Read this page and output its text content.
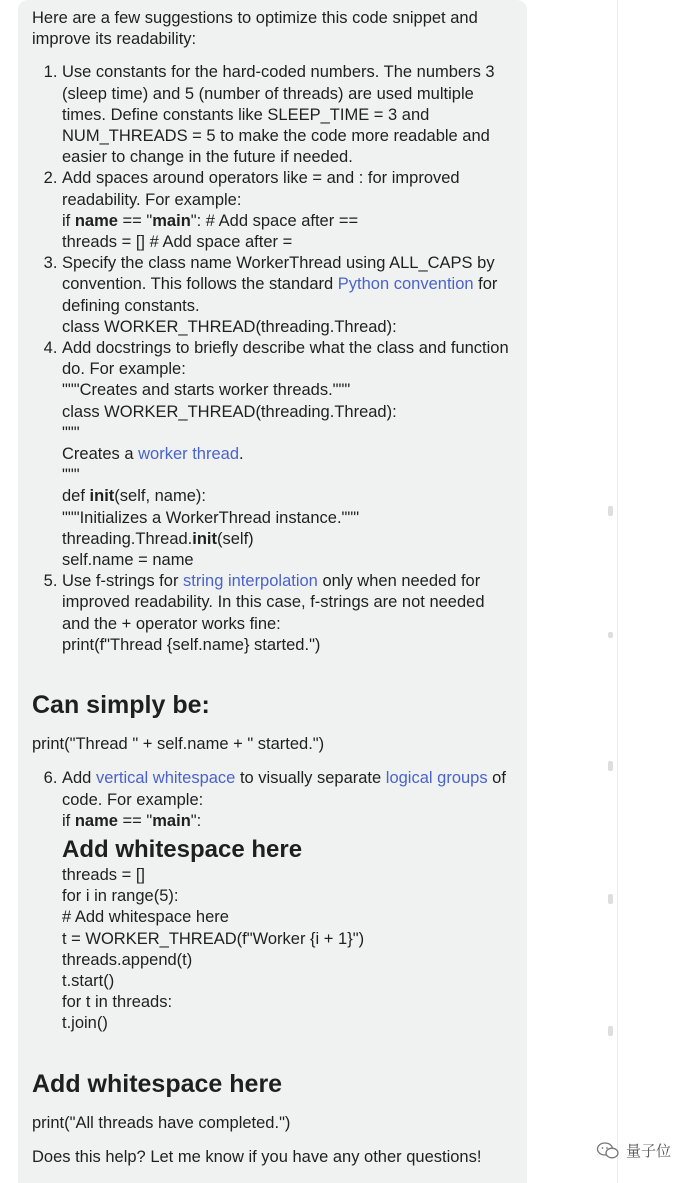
Here are a few suggestions to optimize this code snippet and improve its readability:

1. Use constants for the hard-coded numbers. The numbers 3 (sleep time) and 5 (number of threads) are used multiple times. Define constants like SLEEP_TIME = 3 and NUM_THREADS = 5 to make the code more readable and easier to change in the future if needed.
2. Add spaces around operators like = and : for improved readability. For example:
if name == "main": # Add space after ==
threads = [] # Add space after =
3. Specify the class name WorkerThread using ALL_CAPS by convention. This follows the standard Python convention for defining constants.
class WORKER_THREAD(threading.Thread):
4. Add docstrings to briefly describe what the class and function do. For example:
"""Creates and starts worker threads."""
class WORKER_THREAD(threading.Thread):
"""
Creates a worker thread.
"""
def init(self, name):
"""Initializes a WorkerThread instance."""
threading.Thread.init(self)
self.name = name
5. Use f-strings for string interpolation only when needed for improved readability. In this case, f-strings are not needed and the + operator works fine:
print(f"Thread {self.name} started.")
Can simply be:

print("Thread " + self.name + " started.")

6. Add vertical whitespace to visually separate logical groups of code. For example:
if name == "main":
Add whitespace here
threads = []
for i in range(5):
# Add whitespace here
t = WORKER_THREAD(f"Worker {i + 1}")
threads.append(t)
t.start()
for t in threads:
t.join()
Add whitespace here

print("All threads have completed.")

Does this help? Let me know if you have any other questions!	量子位
